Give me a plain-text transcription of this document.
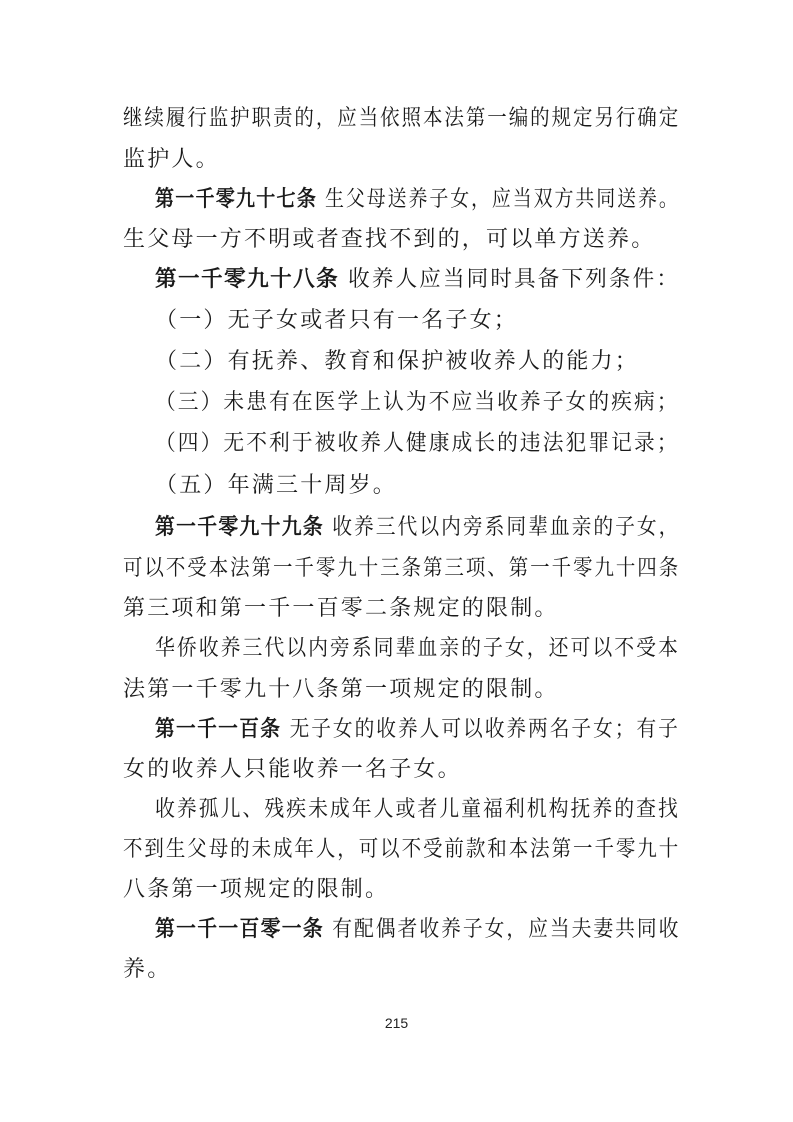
继续履行监护职责的，应当依照本法第一编的规定另行确定
监护人。
第一千零九十七条 生父母送养子女，应当双方共同送养。
生父母一方不明或者查找不到的，可以单方送养。
第一千零九十八条 收养人应当同时具备下列条件：
（一）无子女或者只有一名子女；
（二）有抚养、教育和保护被收养人的能力；
（三）未患有在医学上认为不应当收养子女的疾病；
（四）无不利于被收养人健康成长的违法犯罪记录；
（五）年满三十周岁。
第一千零九十九条 收养三代以内旁系同辈血亲的子女，
可以不受本法第一千零九十三条第三项、第一千零九十四条
第三项和第一千一百零二条规定的限制。
华侨收养三代以内旁系同辈血亲的子女，还可以不受本
法第一千零九十八条第一项规定的限制。
第一千一百条 无子女的收养人可以收养两名子女；有子
女的收养人只能收养一名子女。
收养孤儿、残疾未成年人或者儿童福利机构抚养的查找
不到生父母的未成年人，可以不受前款和本法第一千零九十
八条第一项规定的限制。
第一千一百零一条 有配偶者收养子女，应当夫妻共同收
养。
215
